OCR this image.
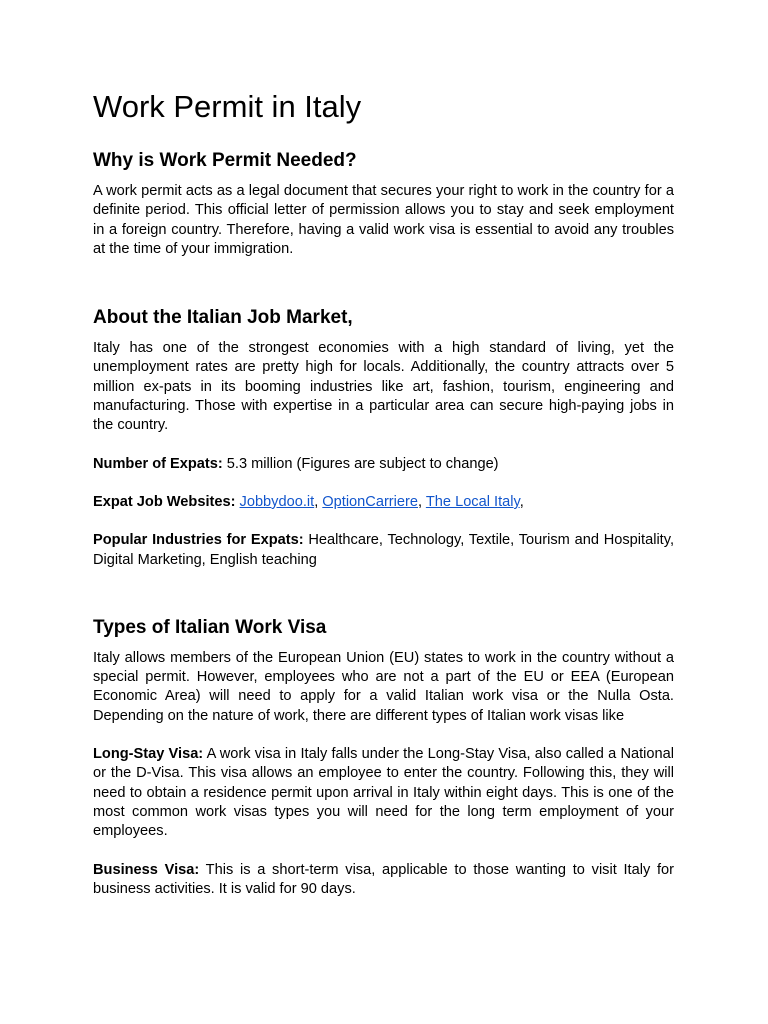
Work Permit in Italy
Why is Work Permit Needed?

A work permit acts as a legal document that secures your right to work in the country for a definite period. This official letter of permission allows you to stay and seek employment in a foreign country. Therefore, having a valid work visa is essential to avoid any troubles at the time of your immigration.

About the Italian Job Market,

Italy has one of the strongest economies with a high standard of living, yet the unemployment rates are pretty high for locals. Additionally, the country attracts over 5 million ex-pats in its booming industries like art, fashion, tourism, engineering and manufacturing. Those with expertise in a particular area can secure high-paying jobs in the country.

Number of Expats: 5.3 million (Figures are subject to change)

Expat Job Websites: Jobbydoo.it, OptionCarriere, The Local Italy,

Popular Industries for Expats: Healthcare, Technology, Textile, Tourism and Hospitality, Digital Marketing, English teaching

Types of Italian Work Visa

Italy allows members of the European Union (EU) states to work in the country without a special permit. However, employees who are not a part of the EU or EEA (European Economic Area) will need to apply for a valid Italian work visa or the Nulla Osta. Depending on the nature of work, there are different types of Italian work visas like

Long-Stay Visa: A work visa in Italy falls under the Long-Stay Visa, also called a National or the D-Visa. This visa allows an employee to enter the country. Following this, they will need to obtain a residence permit upon arrival in Italy within eight days. This is one of the most common work visas types you will need for the long term employment of your employees.

Business Visa: This is a short-term visa, applicable to those wanting to visit Italy for business activities. It is valid for 90 days.
